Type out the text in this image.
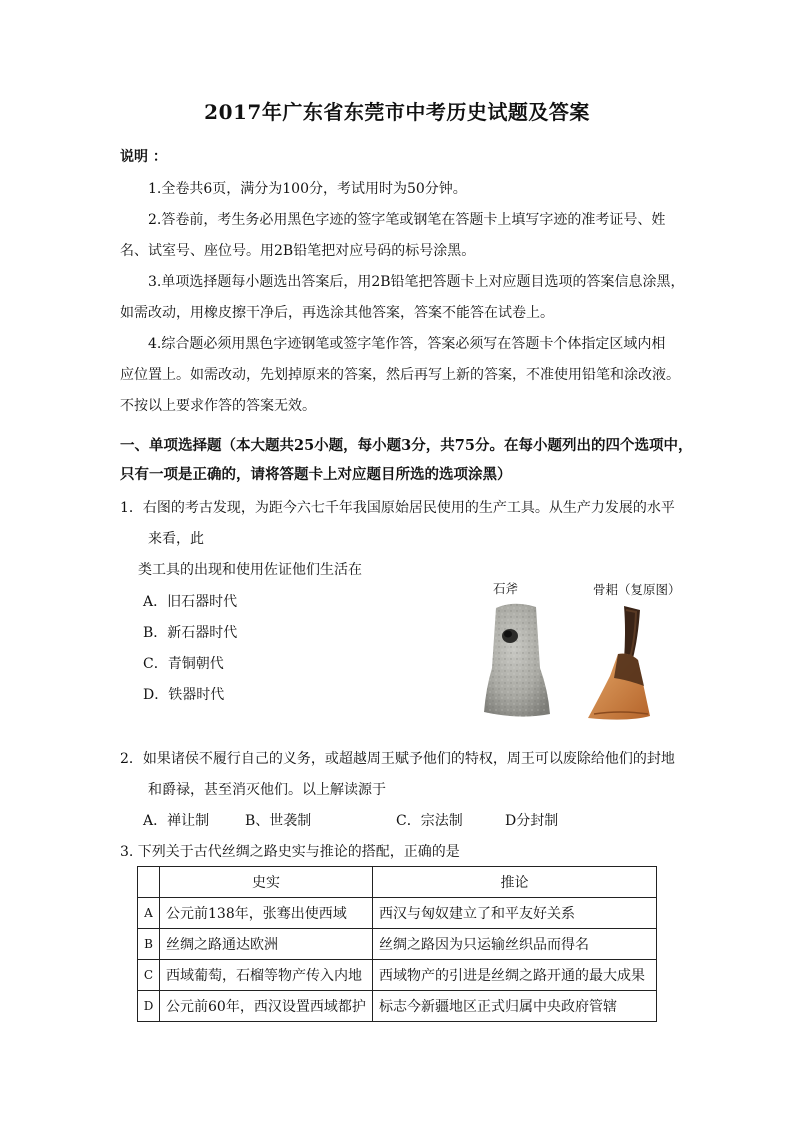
2017年广东省东莞市中考历史试题及答案
说明 ：
1.全卷共6页，满分为100分，考试用时为50分钟。
2.答卷前，考生务必用黑色字迹的签字笔或钢笔在答题卡上填写字迹的准考证号、姓
名、试室号、座位号。用2B铅笔把对应号码的标号涂黑。
3.单项选择题每小题选出答案后，用2B铅笔把答题卡上对应题目选项的答案信息涂黑，
如需改动，用橡皮擦干净后，再选涂其他答案，答案不能答在试卷上。
4.综合题必须用黑色字迹钢笔或签字笔作答，答案必须写在答题卡个体指定区域内相
应位置上。如需改动，先划掉原来的答案，然后再写上新的答案，不准使用铅笔和涂改液。
不按以上要求作答的答案无效。
一、单项选择题（本大题共25小题，每小题3分，共75分。在每小题列出的四个选项中，
只有一项是正确的，请将答题卡上对应题目所选的选项涂黑）
1．右图的考古发现，为距今六七千年我国原始居民使用的生产工具。从生产力发展的水平
来看，此
类工具的出现和使用佐证他们生活在
A．旧石器时代
B．新石器时代
C．青铜朝代
D．铁器时代
石斧	骨耜（复原图）
2．如果诸侯不履行自己的义务，或超越周王赋予他们的特权，周王可以废除给他们的封地
和爵禄，甚至消灭他们。以上解读源于
A．禅让制	B、世袭制	C．宗法制	D分封制
3. 下列关于古代丝绸之路史实与推论的搭配，正确的是
	史实	推论
A	公元前138年，张骞出使西域	西汉与匈奴建立了和平友好关系
B	丝绸之路通达欧洲	丝绸之路因为只运输丝织品而得名
C	西域葡萄，石榴等物产传入内地	西域物产的引进是丝绸之路开通的最大成果
D	公元前60年，西汉设置西域都护	标志今新疆地区正式归属中央政府管辖
